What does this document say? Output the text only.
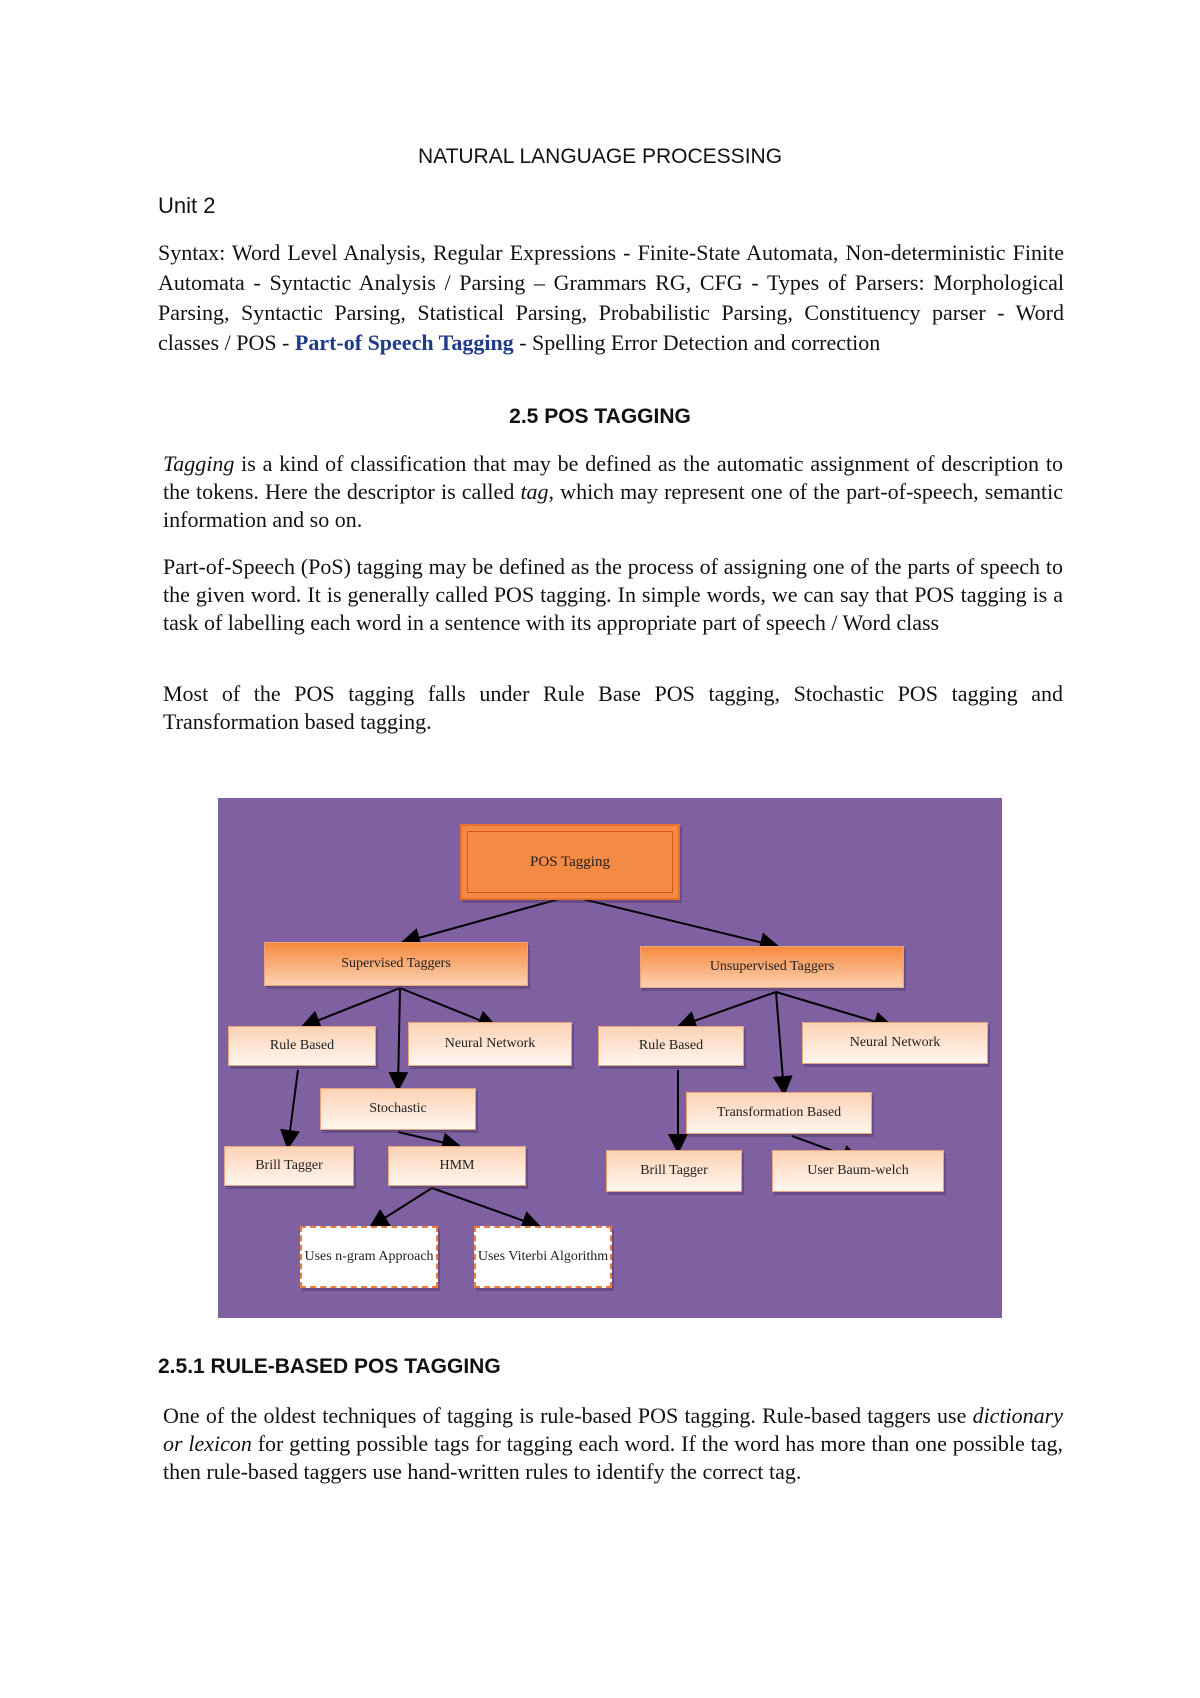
NATURAL LANGUAGE PROCESSING
Unit 2
Syntax: Word Level Analysis, Regular Expressions - Finite-State Automata, Non-deterministic Finite Automata - Syntactic Analysis / Parsing – Grammars RG, CFG - Types of Parsers: Morphological Parsing, Syntactic Parsing, Statistical Parsing, Probabilistic Parsing, Constituency parser - Word classes / POS - Part-of Speech Tagging - Spelling Error Detection and correction
2.5 POS TAGGING

Tagging is a kind of classification that may be defined as the automatic assignment of description to the tokens. Here the descriptor is called tag, which may represent one of the part-of-speech, semantic information and so on.

Part-of-Speech (PoS) tagging may be defined as the process of assigning one of the parts of speech to the given word. It is generally called POS tagging. In simple words, we can say that POS tagging is a task of labelling each word in a sentence with its appropriate part of speech / Word class

Most of the POS tagging falls under Rule Base POS tagging, Stochastic POS tagging and Transformation based tagging.

POS Tagging
Supervised Taggers	Unsupervised Taggers
Rule Based	Neural Network
Stochastic
Brill Tagger	HMM
Uses n-gram Approach	Uses Viterbi Algorithm
Rule Based	Neural Network
Transformation Based
Brill Tagger	User Baum-welch
2.5.1 RULE-BASED POS TAGGING

One of the oldest techniques of tagging is rule-based POS tagging. Rule-based taggers use dictionary or lexicon for getting possible tags for tagging each word. If the word has more than one possible tag, then rule-based taggers use hand-written rules to identify the correct tag.
